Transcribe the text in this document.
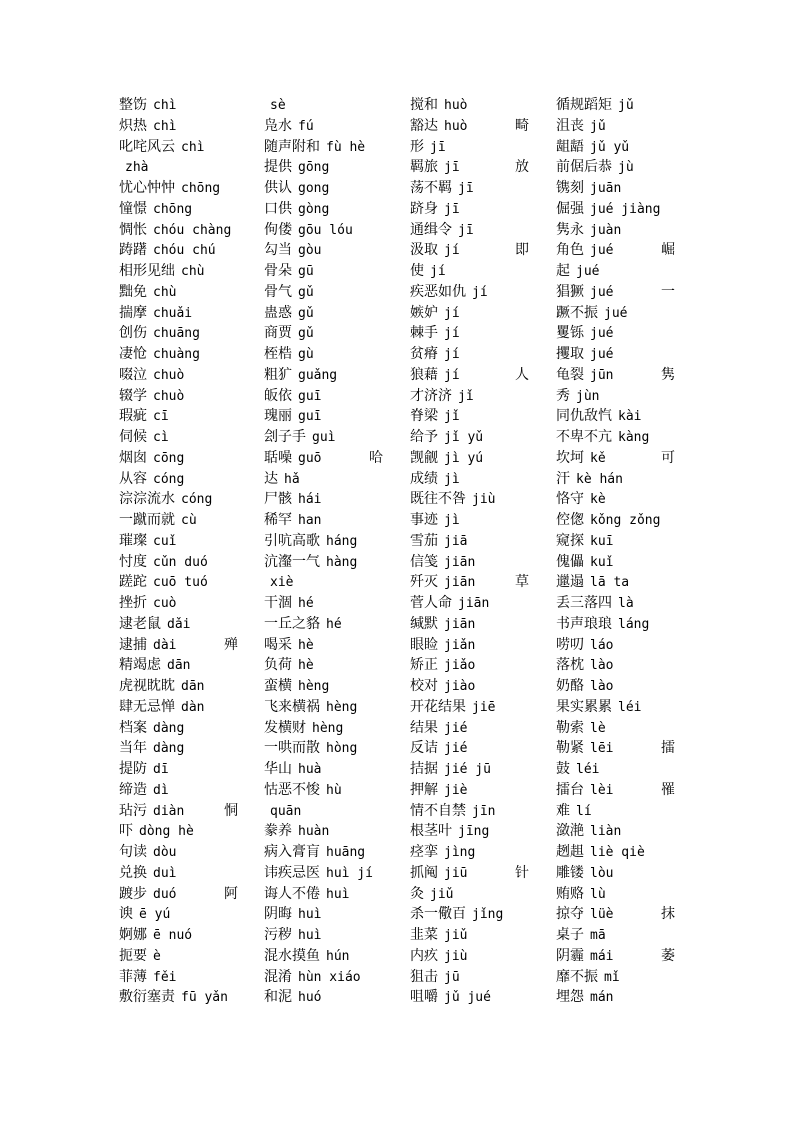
整饬 chì
炽热 chì
叱咤风云 chì
zhà
忧心忡忡 chōng
憧憬 chōng
惆怅 chóu chàng
踌躇 chóu chú
相形见绌 chù
黜免 chù
揣摩 chuǎi
创伤 chuāng
凄怆 chuàng
啜泣 chuò
辍学 chuò
瑕疵 cī
伺候 cì
烟囱 cōng
从容 cóng
淙淙流水 cóng
一蹴而就 cù
璀璨 cuǐ
忖度 cǔn duó
蹉跎 cuō tuó
挫折 cuò
逮老鼠 dǎi
逮捕 dài	殚
精竭虑 dān
虎视眈眈 dān
肆无忌惮 dàn
档案 dàng
当年 dàng
提防 dī
缔造 dì
玷污 diàn	恫
吓 dòng hè
句读 dòu
兑换 duì
踱步 duó	阿
谀 ē yú
婀娜 ē nuó
扼要 è
菲薄 fěi
敷衍塞责 fū yǎn
sè
凫水 fú
随声附和 fù hè
提供 gōng
供认 gong
口供 gòng
佝偻 gōu lóu
勾当 gòu
骨朵 gū
骨气 gǔ
蛊惑 gǔ
商贾 gǔ
桎梏 gù
粗犷 guǎng
皈依 guī
瑰丽 guī
刽子手 guì
聒噪 guō	哈
达 hǎ
尸骸 hái
稀罕 han
引吭高歌 háng
沆瀣一气 hàng
xiè
干涸 hé
一丘之貉 hé
喝采 hè
负荷 hè
蛮横 hèng
飞来横祸 hèng
发横财 hèng
一哄而散 hòng
华山 huà
怙恶不悛 hù
quān
豢养 huàn
病入膏肓 huāng
讳疾忌医 huì jí
诲人不倦 huì
阴晦 huì
污秽 huì
混水摸鱼 hún
混淆 hùn xiáo
和泥 huó
搅和 huò
豁达 huò	畸
形 jī
羁旅 jī	放
荡不羁 jī
跻身 jī
通缉令 jī
汲取 jí	即
使 jí
疾恶如仇 jí
嫉妒 jí
棘手 jí
贫瘠 jí
狼藉 jí	人
才济济 jǐ
脊梁 jǐ
给予 jǐ yǔ
觊觎 jì yú
成绩 jì
既往不咎 jiù
事迹 jì
雪茄 jiā
信笺 jiān
歼灭 jiān	草
菅人命 jiān
缄默 jiān
眼睑 jiǎn
矫正 jiǎo
校对 jiào
开花结果 jiē
结果 jié
反诘 jié
拮据 jié jū
押解 jiè
情不自禁 jīn
根茎叶 jīng
痉挛 jìng
抓阄 jiū	针
灸 jiǔ
杀一儆百 jǐng
韭菜 jiǔ
内疚 jiù
狙击 jū
咀嚼 jǔ jué
循规蹈矩 jǔ
沮丧 jǔ
龃龉 jǔ yǔ
前倨后恭 jù
镌刻 juān
倔强 jué jiàng
隽永 juàn
角色 jué	崛
起 jué
猖獗 jué	一
蹶不振 jué
矍铄 jué
攫取 jué
龟裂 jūn	隽
秀 jùn
同仇敌忾 kài
不卑不亢 kàng
坎坷 kě	可
汗 kè hán
恪守 kè
倥偬 kǒng zǒng
窥探 kuī
傀儡 kuǐ
邋遢 lā ta
丢三落四 là
书声琅琅 láng
唠叨 láo
落枕 lào
奶酪 lào
果实累累 léi
勒索 lè
勒紧 lēi	擂
鼓 léi
擂台 lèi	罹
难 lí
潋滟 liàn
趔趄 liè qiè
雕镂 lòu
贿赂 lù
掠夺 lüè	抹
桌子 mā
阴霾 mái	萎
靡不振 mǐ
埋怨 mán
